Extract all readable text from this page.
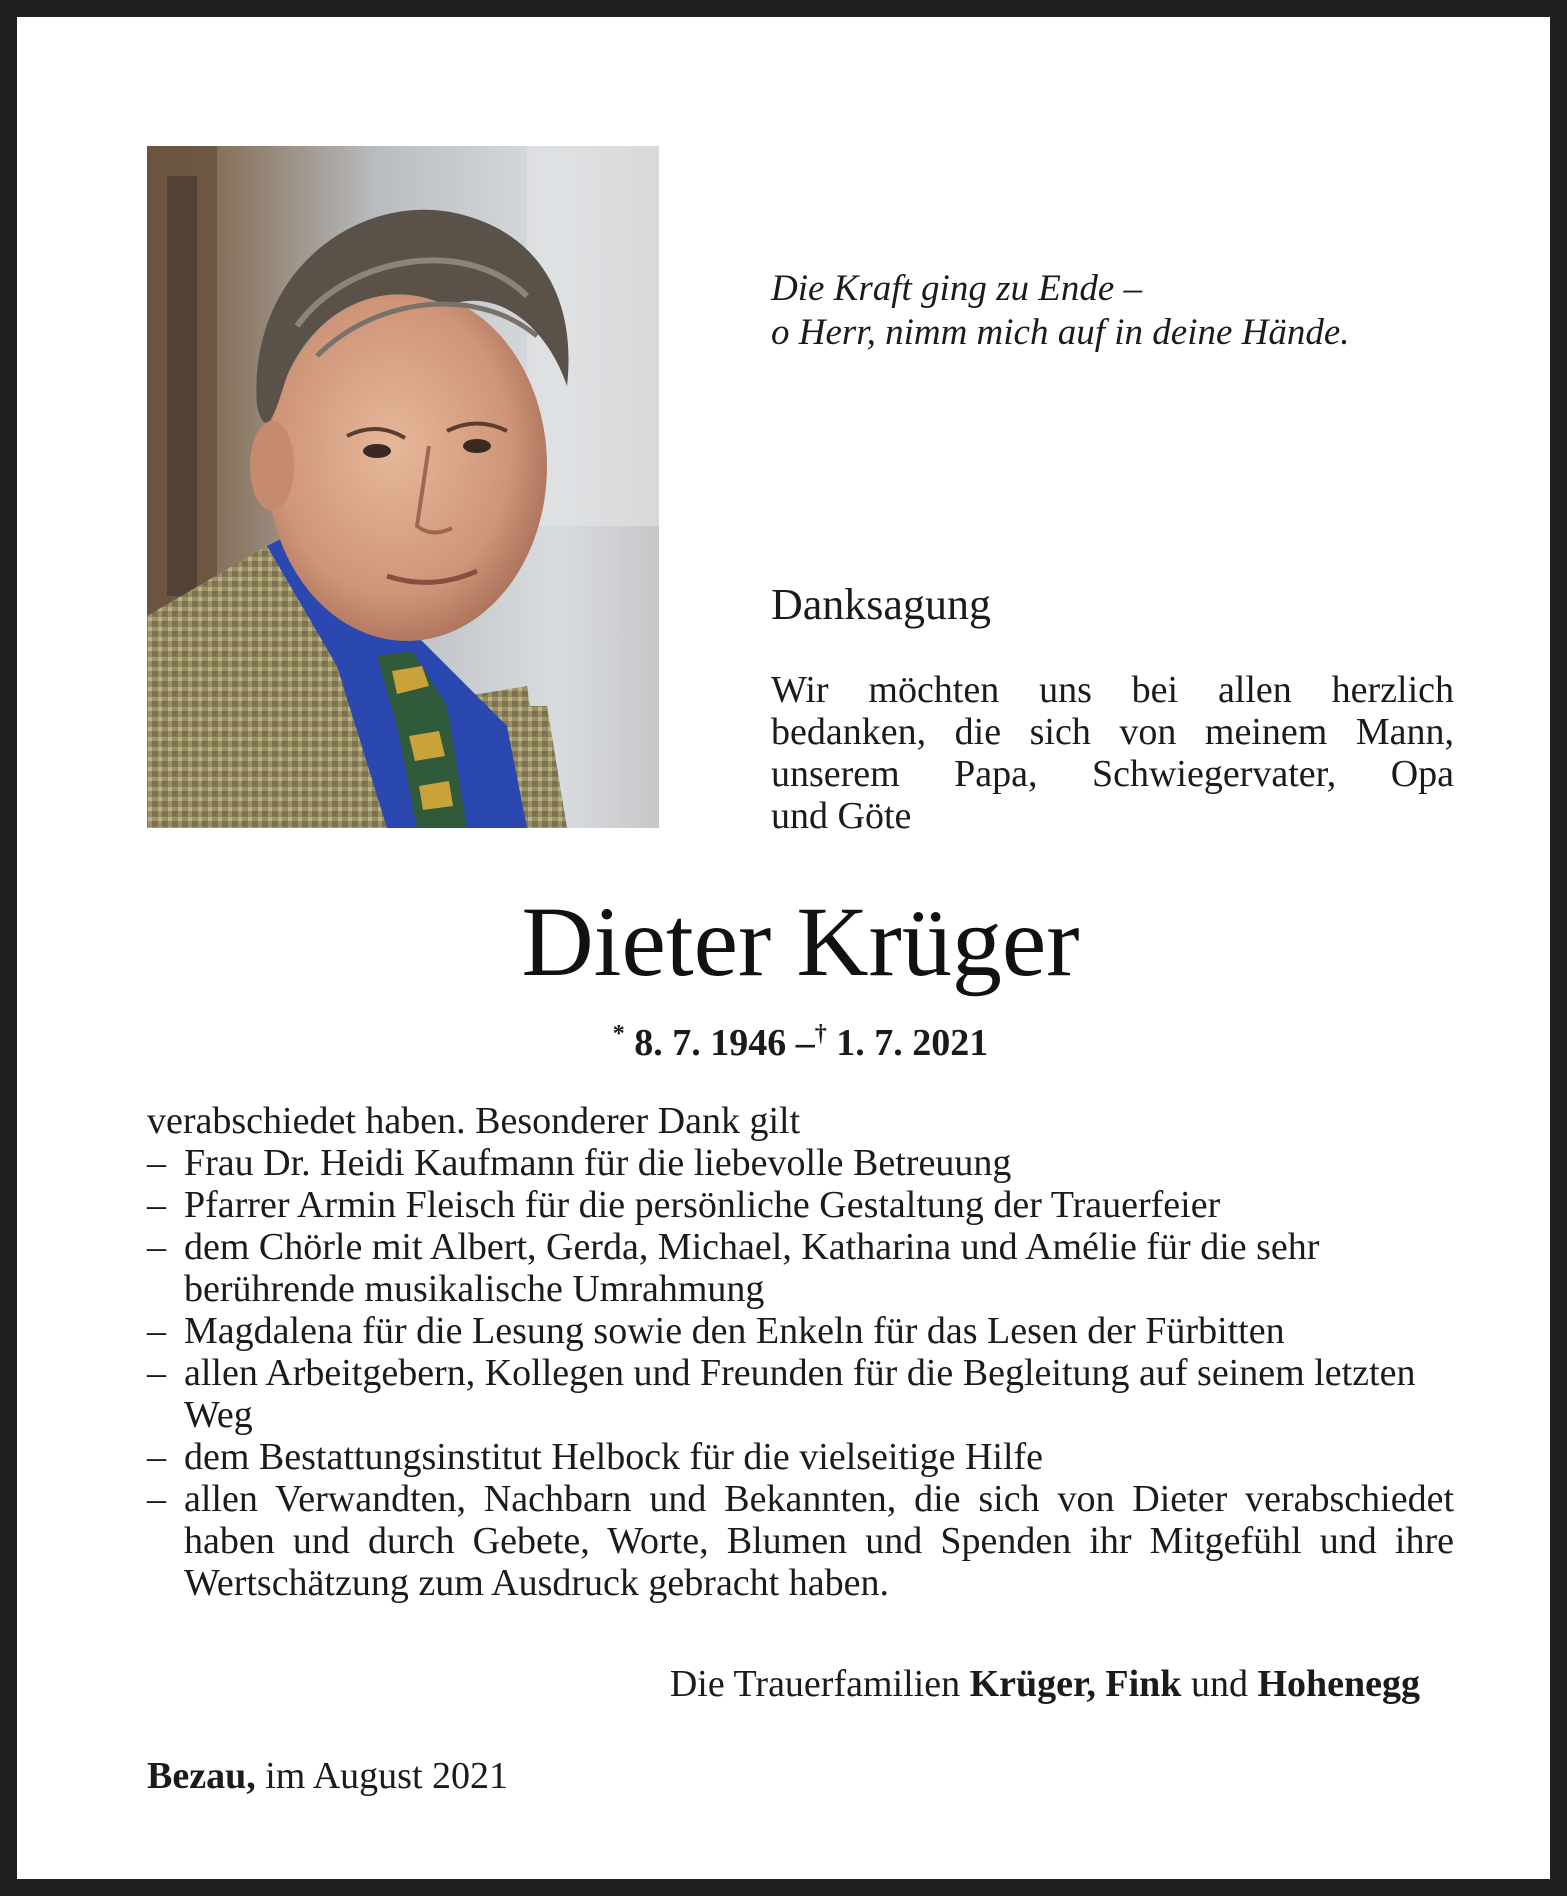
Die Kraft ging zu Ende –
o Herr, nimm mich auf in deine Hände.
Danksagung
Wir möchten uns bei allen herzlich
bedanken, die sich von meinem Mann,
unserem Papa, Schwiegervater, Opa
und Göte
Dieter Krüger
* 8. 7. 1946 –† 1. 7. 2021
verabschiedet haben. Besonderer Dank gilt
– Frau Dr. Heidi Kaufmann für die liebevolle Betreuung
– Pfarrer Armin Fleisch für die persönliche Gestaltung der Trauerfeier
– dem Chörle mit Albert, Gerda, Michael, Katharina und Amélie für die sehr berührende musikalische Umrahmung
– Magdalena für die Lesung sowie den Enkeln für das Lesen der Fürbitten
– allen Arbeitgebern, Kollegen und Freunden für die Begleitung auf seinem letzten Weg
– dem Bestattungsinstitut Helbock für die vielseitige Hilfe
– allen Verwandten, Nachbarn und Bekannten, die sich von Dieter verabschiedet haben und durch Gebete, Worte, Blumen und Spenden ihr Mitgefühl und ihre Wertschätzung zum Ausdruck gebracht haben.
Die Trauerfamilien Krüger, Fink und Hohenegg
Bezau, im August 2021
